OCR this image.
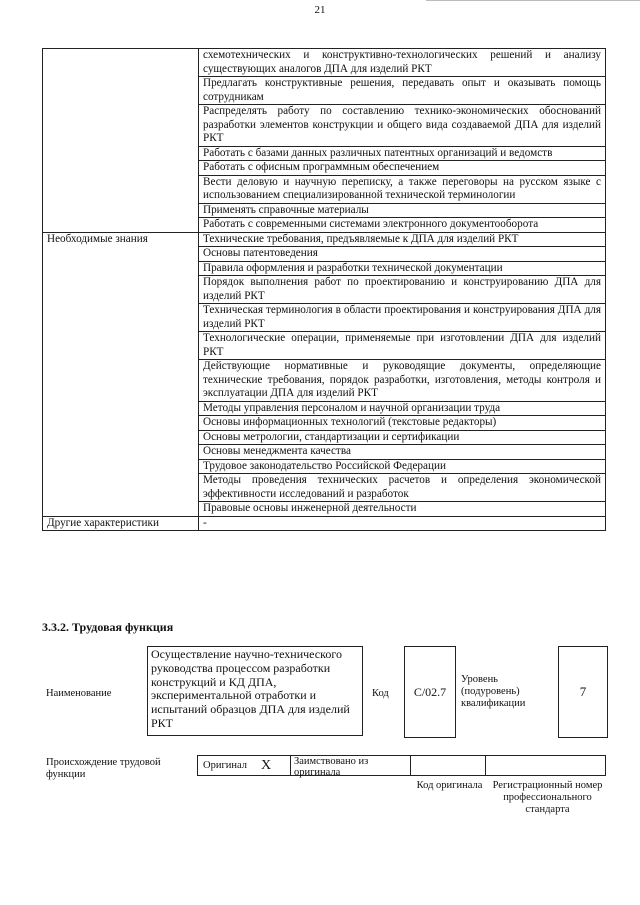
21
	схемотехнических и конструктивно-технологических решений и анализу существующих аналогов ДПА для изделий РКТ
	Предлагать конструктивные решения, передавать опыт и оказывать помощь сотрудникам
	Распределять работу по составлению технико-экономических обоснований разработки элементов конструкции и общего вида создаваемой ДПА для изделий РКТ
	Работать с базами данных различных патентных организаций и ведомств
	Работать с офисным программным обеспечением
	Вести деловую и научную переписку, а также переговоры на русском языке с использованием специализированной технической терминологии
	Применять справочные материалы
	Работать с современными системами электронного документооборота
Необходимые знания	Технические требования, предъявляемые к ДПА для изделий РКТ
	Основы патентоведения
	Правила оформления и разработки технической документации
	Порядок выполнения работ по проектированию и конструированию ДПА для изделий РКТ
	Техническая терминология в области проектирования и конструирования ДПА для изделий РКТ
	Технологические операции, применяемые при изготовлении ДПА для изделий РКТ
	Действующие нормативные и руководящие документы, определяющие технические требования, порядок разработки, изготовления, методы контроля и эксплуатации ДПА для изделий РКТ
	Методы управления персоналом и научной организации труда
	Основы информационных технологий (текстовые редакторы)
	Основы метрологии, стандартизации и сертификации
	Основы менеджмента качества
	Трудовое законодательство Российской Федерации
	Методы проведения технических расчетов и определения экономической эффективности исследований и разработок
	Правовые основы инженерной деятельности
Другие характеристики	-
3.3.2. Трудовая функция
Наименование
Осуществление научно-технического руководства процессом разработки конструкций и КД ДПА, экспериментальной отработки и испытаний образцов ДПА для изделий РКТ
Код	C/02.7
Уровень (подуровень) квалификации
7
Происхождение трудовой функции
Оригинал X	Заимствовано из оригинала
Код оригинала Регистрационный номер профессионального стандарта
